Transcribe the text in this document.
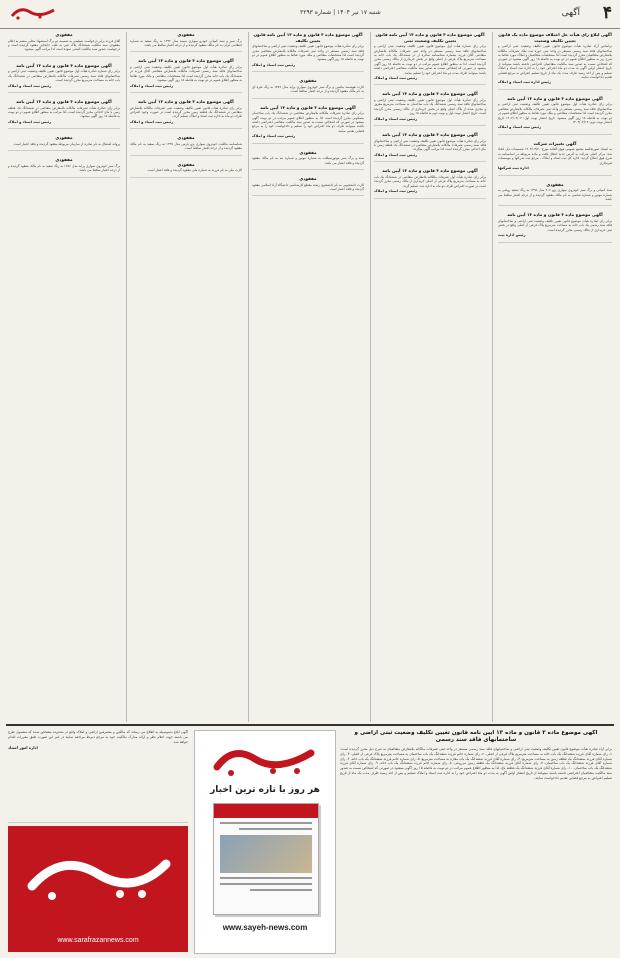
۴
آگهی
شنبه ۱۷ تیر ۱۴۰۴ | شماره ۳۲۹۳
آگهی ابلاغ رای هیأت حل اختلاف موضوع ماده یک قانون تعیین تکلیف وضعیت
براساس آراء صادره هیأت موضوع قانون تعیین تکلیف وضعیت ثبتی اراضی و ساختمانهای فاقد سند رسمی مستقر در واحد ثبتی حوزه ثبت ملک تصرفات مالکانه بلامعارض متقاضیان محرز گردیده است لذا مشخصات متقاضیان و املاک مورد تقاضا به شرح زیر به منظور اطلاع عموم در دو نوبت به فاصله ۱۵ روز آگهی میشود در صورتی که اشخاص نسبت به صدور سند مالکیت متقاضیان اعتراضی داشته باشند میتوانند از تاریخ انتشار اولین آگهی به مدت دو ماه اعتراض خود را به اداره ثبت اسناد و املاک تسلیم و پس از اخذ رسید ظرف مدت یک ماه از تاریخ تسلیم اعتراض به مرجع قضایی تقدیم دادخواست نمایند.
رئیس اداره ثبت اسناد و املاک
آگهی موضوع ماده ۳ قانون و ماده ۱۳ آیین نامه
برابر رای صادره هیأت اول موضوع قانون تعیین تکلیف وضعیت ثبتی اراضی و ساختمانهای فاقد سند رسمی مستقر در واحد ثبتی تصرفات مالکانه بلامعارض متقاضی محرز گردیده است لذا مشخصات متقاضی و ملک مورد تقاضا به منظور اطلاع عموم در دو نوبت به فاصله ۱۵ روز آگهی میشود. تاریخ انتشار نوبت اول: ۱۴۰۴/۰۴/۰۲ تاریخ انتشار نوبت دوم: ۱۴۰۴/۰۴/۱۷
رئیس ثبت اسناد و املاک
آگهی تغییرات شرکت
به استناد صورتجلسه مجمع عمومی فوق العاده مورخ ۱۴۰۴/۰۳/۲۰ تصمیمات ذیل اتخاذ شد: مرکز اصلی شرکت به آدرس جدید انتقال یافت و ماده مربوطه در اساسنامه به شرح فوق اصلاح گردید. اداره کل ثبت اسناد و املاک - مرجع ثبت شرکتها و موسسات غیرتجاری
اداره ثبت شرکتها
مفقودی
سند کمپانی و برگ سبز خودروی سواری پژو ۲۰۶ مدل ۱۳۹۵ به رنگ سفید روغنی به شماره موتور و شماره شاسی به نام مالک مفقود گردیده و از درجه اعتبار ساقط می باشد.
آگهی موضوع ماده ۳ قانون و ماده ۱۳ آیین نامه
برابر رای صادره هیأت موضوع قانون تعیین تکلیف وضعیت ثبتی اراضی و ساختمانهای فاقد سند رسمی یک باب خانه به مساحت مترمربع پلاک فرعی از اصلی واقع در بخش ثبتی خریداری از مالک رسمی محرز گردیده است.
رئیس اداره ثبت
آگهی موضوع ماده ۳ قانون و ماده ۱۳ آیین نامه قانون تعیین تکلیف وضعیت ثبتی
برابر رای شماره هیأت اول موضوع قانون تعیین تکلیف وضعیت ثبتی اراضی و ساختمانهای فاقد سند رسمی مستقر در واحد ثبتی تصرفات مالکانه بلامعارض متقاضی آقای فرزند بشماره شناسنامه صادره از در ششدانگ یک باب خانه به مساحت مترمربع پلاک فرعی از اصلی واقع در بخش خریداری از مالک رسمی محرز گردیده است. لذا به منظور اطلاع عموم مراتب در دو نوبت به فاصله ۱۵ روز آگهی میشود در صورتی که اشخاص نسبت به صدور سند مالکیت متقاضی اعتراضی داشته باشند میتوانند ظرف مدت دو ماه اعتراض خود را تسلیم نمایند.
رئیس ثبت اسناد و املاک
آگهی موضوع ماده ۳ قانون و ماده ۱۳ آیین نامه
برابر رای صادره هیأت اول موضوع قانون تعیین تکلیف وضعیت ثبتی اراضی و ساختمانهای فاقد سند رسمی ششدانگ یک باب ساختمان به مساحت مترمربع مفروز و مجزی شده از پلاک اصلی واقع در بخش خریداری از مالک رسمی محرز گردیده است. تاریخ انتشار نوبت اول و نوبت دوم به فاصله ۱۵ روز.
رئیس ثبت اسناد و املاک
آگهی موضوع ماده ۳ قانون و ماده ۱۳ آیین نامه
برابر رای صادره هیأت موضوع قانون تعیین تکلیف وضعیت ثبتی اراضی و ساختمانهای فاقد سند رسمی تصرفات مالکانه بلامعارض متقاضی در ششدانگ یک قطعه زمین با بنای احداثی محرز گردیده است لذا مراتب آگهی میگردد.
رئیس ثبت اسناد و املاک
آگهی موضوع ماده ۳ قانون و ماده ۱۳ آیین نامه
برابر رای صادره هیأت اول تصرفات مالکانه بلامعارض متقاضی در ششدانگ یک باب خانه به مساحت مترمربع پلاک فرعی از اصلی خریداری از مالک رسمی محرز گردیده است در صورت اعتراض ظرف دو ماه به اداره ثبت تسلیم گردد.
رئیس ثبت اسناد و املاک
آگهی موضوع ماده ۳ قانون و ماده ۱۳ آیین نامه قانون تعیین تکلیف
برابر رای صادره هیأت موضوع قانون تعیین تکلیف وضعیت ثبتی اراضی و ساختمانهای فاقد سند رسمی مستقر در واحد ثبتی تصرفات مالکانه بلامعارض متقاضی محرز گردیده است لذا مشخصات متقاضی و ملک مورد تقاضا به منظور اطلاع عموم در دو نوبت به فاصله ۱۵ روز آگهی میشود.
رئیس ثبت اسناد و املاک
مفقودی
کارت هوشمند ماشین و برگ سبز خودروی سواری پراید مدل ۱۳۸۹ به رنگ نقره ای به نام مالک مفقود گردیده و از درجه اعتبار ساقط است.
آگهی موضوع ماده ۳ قانون و ماده ۱۳ آیین نامه
برابر رای صادره تصرفات مالکانه بلامعارض متقاضی در ششدانگ یک باب ساختمان مسکونی محرز گردیده است لذا به منظور اطلاع عموم مراتب در دو نوبت آگهی میشود در صورتی که اشخاص نسبت به صدور سند مالکیت متقاضی اعتراضی داشته باشند میتوانند ظرف دو ماه اعتراض خود را تسلیم و دادخواست خود را به مرجع قضایی تقدیم نمایند.
رئیس ثبت اسناد و املاک
مفقودی
سند و برگ سبز موتورسیکلت به شماره موتور و شماره تنه به نام مالک مفقود گردیده و فاقد اعتبار می باشد.
مفقودی
کارت دانشجویی به نام دانشجوی رشته مقطع کارشناسی دانشگاه آزاد اسلامی مفقود گردیده و فاقد اعتبار است.
مفقودی
برگ سبز و سند کمپانی خودرو سواری سمند مدل ۱۳۹۲ به رنگ سفید به شماره انتظامی ایران به نام مالک مفقود گردیده و از درجه اعتبار ساقط می باشد.
آگهی موضوع ماده ۳ قانون و ماده ۱۳ آیین نامه
برابر رای صادره هیأت اول موضوع قانون تعیین تکلیف وضعیت ثبتی اراضی و ساختمانهای فاقد سند رسمی تصرفات مالکانه بلامعارض متقاضی آقای فرزند در ششدانگ یک باب خانه محرز گردیده است لذا مشخصات متقاضی و ملک مورد تقاضا به منظور اطلاع عموم در دو نوبت به فاصله ۱۵ روز آگهی میشود.
رئیس ثبت اسناد و املاک
آگهی موضوع ماده ۳ قانون و ماده ۱۳ آیین نامه
برابر رای صادره هیأت قانون تعیین تکلیف وضعیت ثبتی تصرفات مالکانه بلامعارض متقاضی در ششدانگ یک قطعه زمین محرز گردیده است در صورت وجود اعتراض ظرف دو ماه به اداره ثبت اسناد و املاک تسلیم گردد.
رئیس ثبت اسناد و املاک
مفقودی
شناسنامه مالکیت خودروی سواری پژو پارس مدل ۱۳۹۷ به رنگ سفید به نام مالک مفقود گردیده و از درجه اعتبار ساقط است.
مفقودی
کارت ملی به نام فرزند به شماره ملی مفقود گردیده و فاقد اعتبار است.
مفقودی
آقای فرزند برابر درخواست تسلیمی به ضمیمه دو برگ استشهاد محلی منضم به اعلام مفقودی سند مالکیت ششدانگ پلاک ثبتی به علت جابجایی مفقود گردیده است و درخواست صدور سند مالکیت المثنی نموده است لذا مراتب آگهی میشود.
آگهی موضوع ماده ۳ قانون و ماده ۱۳ آیین نامه
برابر رای شماره صادره هیأت اول موضوع قانون تعیین تکلیف وضعیت ثبتی اراضی و ساختمانهای فاقد سند رسمی تصرفات مالکانه بلامعارض متقاضی در ششدانگ یک باب خانه به مساحت مترمربع محرز گردیده است.
رئیس ثبت اسناد و املاک
آگهی موضوع ماده ۳ قانون و ماده ۱۳ آیین نامه
برابر رای صادره هیأت تصرفات مالکانه بلامعارض متقاضی در ششدانگ یک قطعه زمین با بنای احداثی محرز گردیده است. لذا مراتب به منظور اطلاع عموم در دو نوبت به فاصله ۱۵ روز آگهی میشود.
رئیس ثبت اسناد و املاک
مفقودی
پروانه اشتغال به نام صادره از سازمان مربوطه مفقود گردیده و فاقد اعتبار است.
مفقودی
برگ سبز خودروی سواری پراید مدل ۱۳۸۶ به رنگ سفید به نام مالک مفقود گردیده و از درجه اعتبار ساقط می باشد.
آگهی موضوع ماده ۳ قانون و ماده ۱۳ آیین نامه قانون تعیین تکلیف وضعیت ثبتی اراضی و ساختمانهای فاقد سند رسمی
برابر آراء صادره هیأت موضوع قانون تعیین تکلیف وضعیت ثبتی اراضی و ساختمانهای فاقد سند رسمی مستقر در واحد ثبتی تصرفات مالکانه بلامعارض متقاضیان به شرح ذیل محرز گردیده است: ۱- رای شماره آقای فرزند ششدانگ یک باب خانه به مساحت مترمربع پلاک فرعی از اصلی. ۲- رای شماره خانم فرزند ششدانگ یک باب ساختمان به مساحت مترمربع پلاک فرعی از اصلی. ۳- رای شماره آقای فرزند ششدانگ یک قطعه زمین به مساحت مترمربع. ۴- رای شماره آقای فرزند ششدانگ یک باب مغازه به مساحت مترمربع. ۵- رای شماره خانم فرزند ششدانگ یک باب خانه. ۶- رای شماره آقای فرزند ششدانگ یک باب ساختمان. ۷- رای شماره آقای فرزند ششدانگ یک قطعه زمین مزروعی. ۸- رای شماره خانم فرزند ششدانگ یک باب خانه. ۹- رای شماره آقای فرزند ششدانگ یک باب ساختمان. ۱۰- رای شماره آقای فرزند ششدانگ یک قطعه باغ. لذا به منظور اطلاع عموم مراتب در دو نوبت به فاصله ۱۵ روز آگهی میشود در صورتی که اشخاص نسبت به صدور سند مالکیت متقاضیان اعتراضی داشته باشند میتوانند از تاریخ انتشار اولین آگهی به مدت دو ماه اعتراض خود را به اداره ثبت اسناد و املاک تسلیم و پس از اخذ رسید ظرف مدت یک ماه از تاریخ تسلیم اعتراض به مرجع قضایی تقدیم دادخواست نمایند.
هر روز با تازه ترین اخبار
www.sayeh-news.com
آگهی ابلاغ بدینوسیله به اطلاع می رساند که مالکین و متصرفین اراضی و املاک واقع در محدوده مشخص شده که مشمول طرح می باشند جهت اعلام نظر و ارائه مدارک مالکیت خود به مرجع ذیربط مراجعه نمایند در غیر این صورت طبق مقررات اقدام خواهد شد.
اداره امور اسناد
www.sarafrazannews.com
